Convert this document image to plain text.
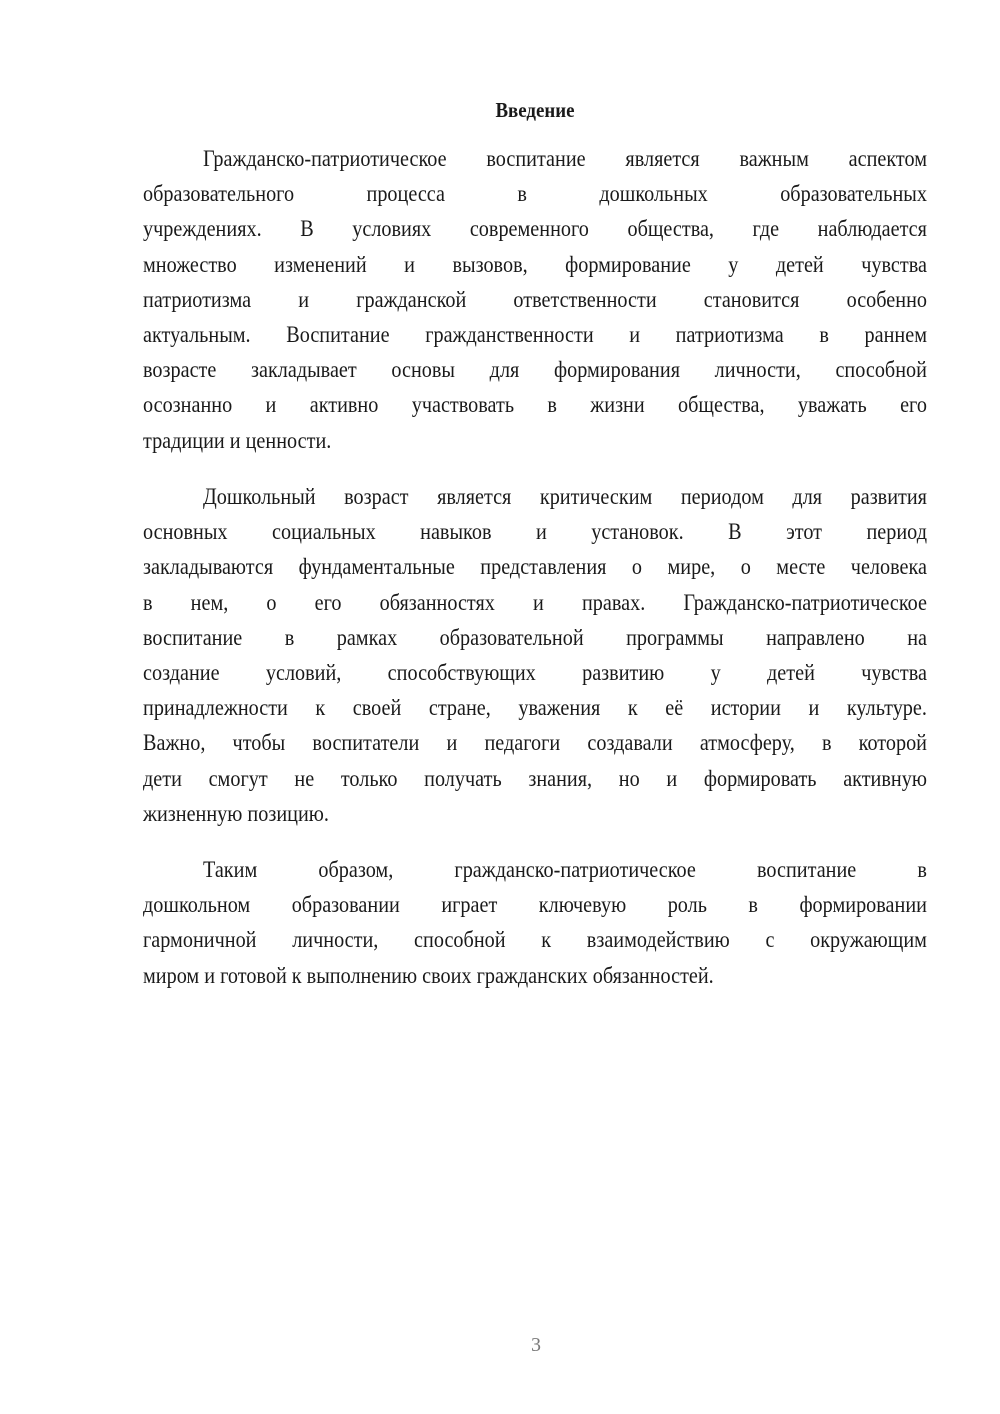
Введение
Гражданско-патриотическое воспитание является важным аспектом
образовательного	процесса	в	дошкольных	образовательных
учреждениях. В условиях современного общества, где наблюдается
множество изменений и вызовов, формирование у детей чувства
патриотизма и гражданской ответственности становится особенно
актуальным. Воспитание гражданственности и патриотизма в раннем
возрасте закладывает основы для формирования личности, способной
осознанно и активно участвовать в жизни общества, уважать его
традиции и ценности.
Дошкольный возраст является критическим периодом для развития
основных социальных навыков и установок. В этот период
закладываются фундаментальные представления о мире, о месте человека
в нем, о его обязанностях и правах. Гражданско-патриотическое
воспитание в рамках образовательной программы направлено на
создание условий, способствующих развитию у детей чувства
принадлежности к своей стране, уважения к её истории и культуре.
Важно, чтобы воспитатели и педагоги создавали атмосферу, в которой
дети смогут не только получать знания, но и формировать активную
жизненную позицию.
Таким	образом,	гражданско-патриотическое	воспитание	в
дошкольном образовании играет ключевую роль в формировании
гармоничной личности, способной к взаимодействию с окружающим
миром и готовой к выполнению своих гражданских обязанностей.
3
